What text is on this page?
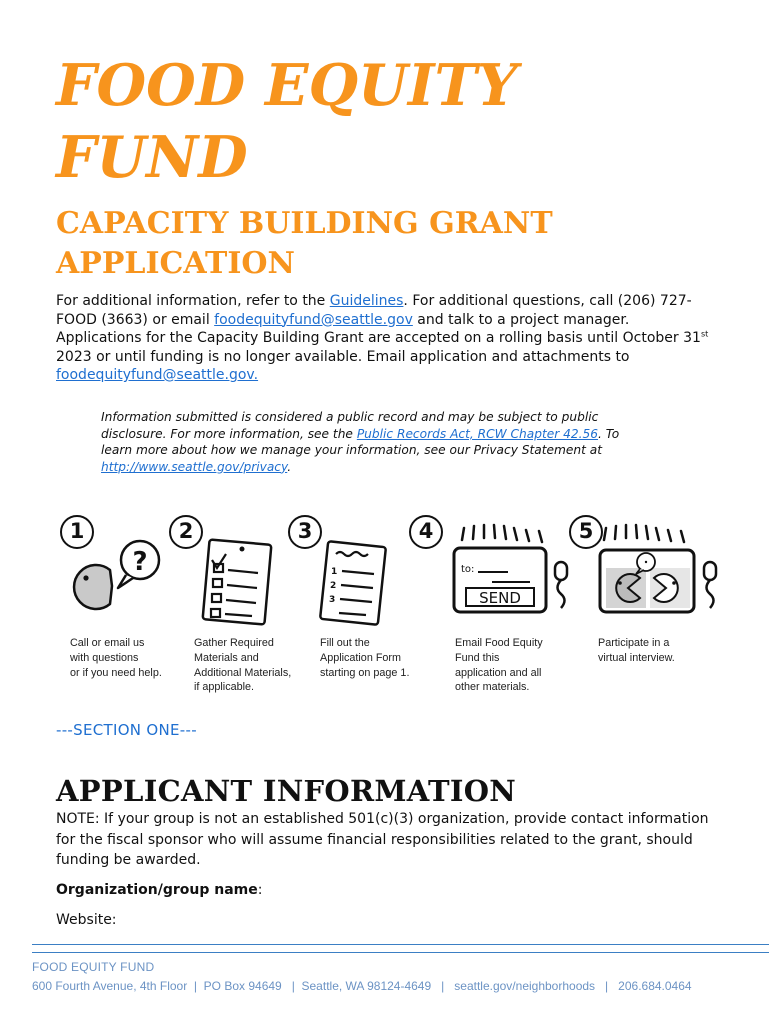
FOOD EQUITY
FUND
CAPACITY BUILDING GRANT
APPLICATION

For additional information, refer to the Guidelines. For additional questions, call (206) 727-FOOD (3663) or email foodequityfund@seattle.gov and talk to a project manager. Applications for the Capacity Building Grant are accepted on a rolling basis until October 31st 2023 or until funding is no longer available. Email application and attachments to foodequityfund@seattle.gov.

Information submitted is considered a public record and may be subject to public disclosure. For more information, see the Public Records Act, RCW Chapter 42.56. To learn more about how we manage your information, see our Privacy Statement at http://www.seattle.gov/privacy.

1
?
Call or email us
with questions
or if you need help.
2
Gather Required
Materials and
Additional Materials,
if applicable.
3
1
2
3
Fill out the
Application Form
starting on page 1.
4
to:
SEND
Email Food Equity
Fund this
application and all
other materials.
5
Participate in a
virtual interview.
---SECTION ONE---
APPLICANT INFORMATION

NOTE: If your group is not an established 501(c)(3) organization, provide contact information for the fiscal sponsor who will assume financial responsibilities related to the grant, should funding be awarded.

Organization/group name:
Website:
FOOD EQUITY FUND
600 Fourth Avenue, 4th Floor  |  PO Box 94649   |  Seattle, WA 98124-4649   |   seattle.gov/neighborhoods   |   206.684.0464
